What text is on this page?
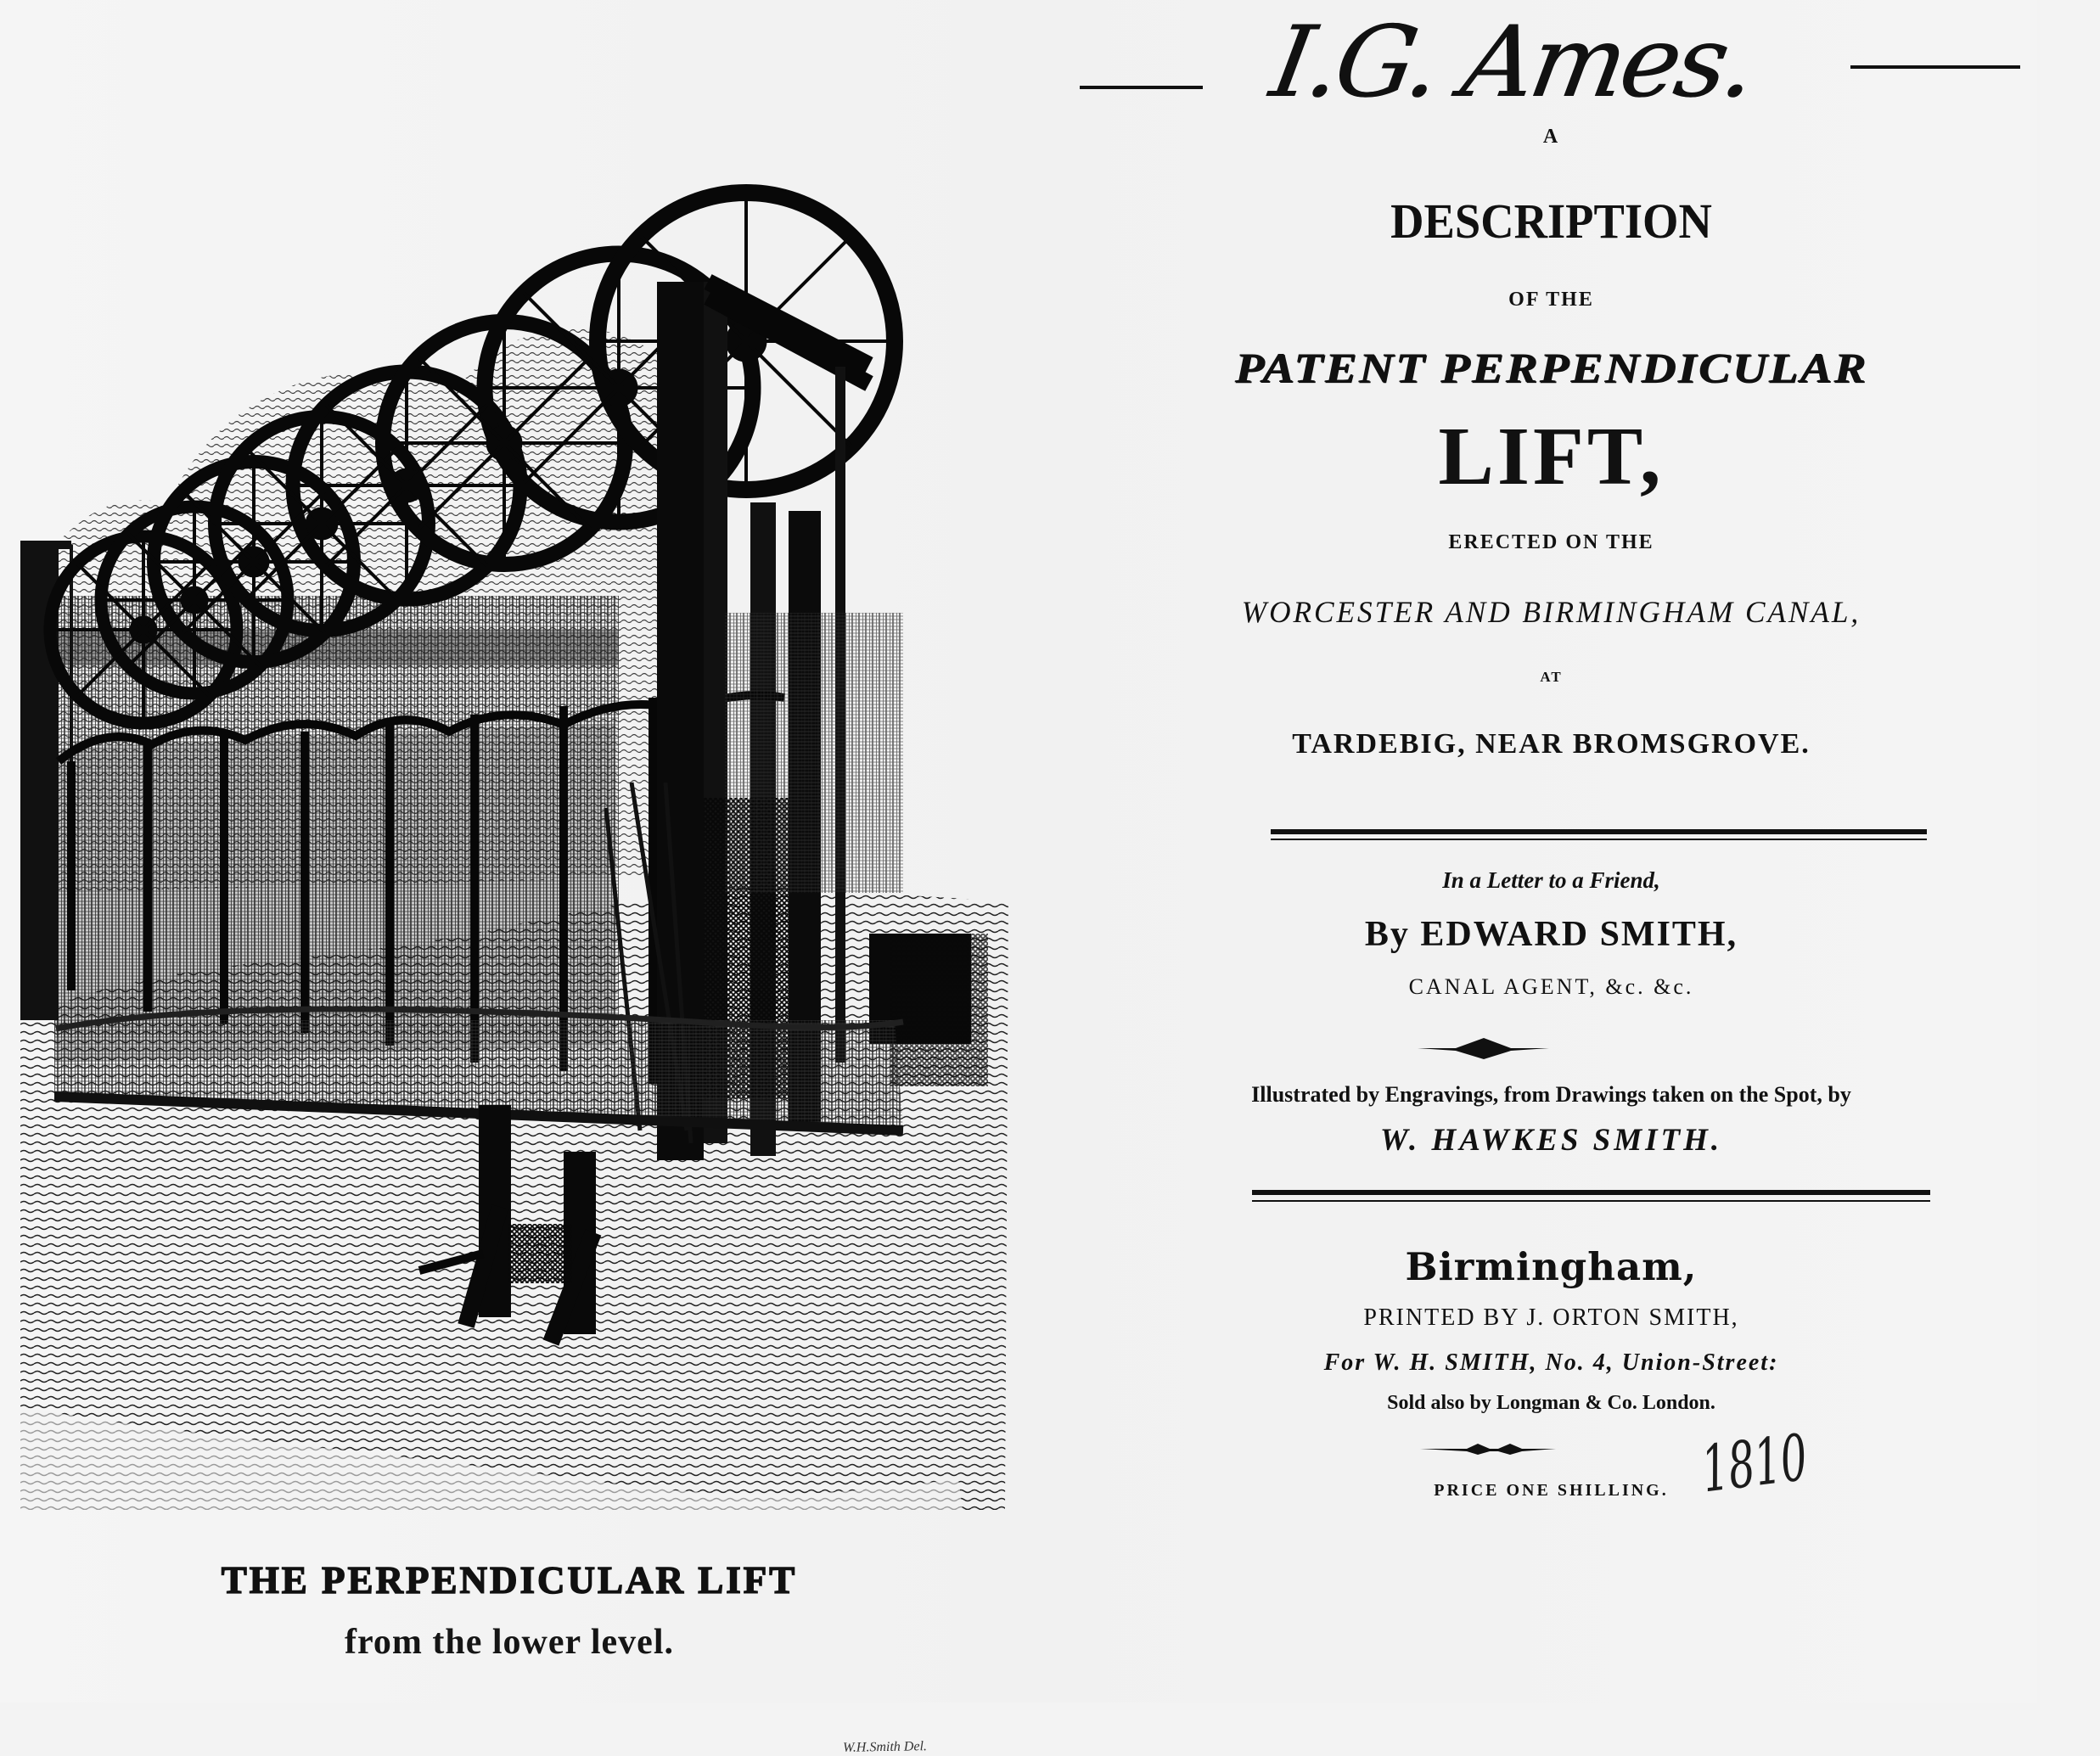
W.H.Smith Del.
THE PERPENDICULAR LIFT
from the lower level.
I.G. Ames.
A
DESCRIPTION
OF THE
PATENT PERPENDICULAR
LIFT,
ERECTED ON THE
WORCESTER AND BIRMINGHAM CANAL,
AT
TARDEBIG, NEAR BROMSGROVE.
In a Letter to a Friend,
By EDWARD SMITH,
CANAL AGENT, &c. &c.
Illustrated by Engravings, from Drawings taken on the Spot, by
W. HAWKES SMITH.
Birmingham,
PRINTED BY J. ORTON SMITH,
For W. H. SMITH, No. 4, Union-Street:
Sold also by Longman & Co. London.
PRICE ONE SHILLING. 1810
